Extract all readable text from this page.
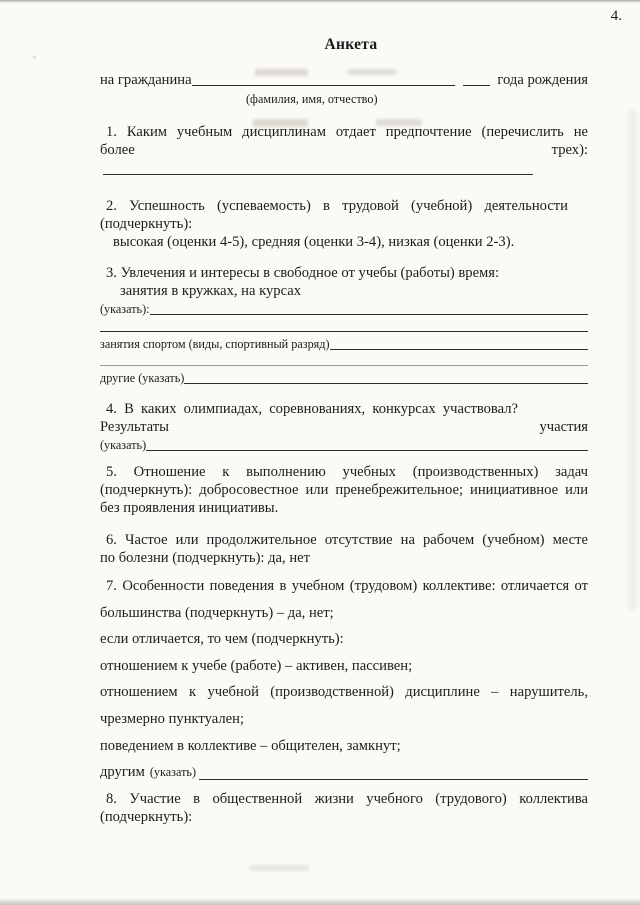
4.
Анкета
на гражданина	года рождения
(фамилия, имя, отчество)
1. Каким учебным дисциплинам отдает предпочтение (перечислить не
более	трех):
2. Успешность (успеваемость) в трудовой (учебной) деятельности
(подчеркнуть):
высокая (оценки 4-5), средняя (оценки 3-4), низкая (оценки 2-3).
3. Увлечения и интересы в свободное от учебы (работы) время:
занятия в кружках, на курсах
(указать):
занятия спортом (виды, спортивный разряд)
другие (указать)
4. В каких олимпиадах, соревнованиях, конкурсах участвовал?
Результаты	участия
(указать)
5. Отношение к выполнению учебных (производственных) задач
(подчеркнуть): добросовестное или пренебрежительное; инициативное или
без проявления инициативы.
6. Частое или продолжительное отсутствие на рабочем (учебном) месте
по болезни (подчеркнуть): да, нет
7. Особенности поведения в учебном (трудовом) коллективе: отличается от
большинства (подчеркнуть) – да, нет;
если отличается, то чем (подчеркнуть):
отношением к учебе (работе) – активен, пассивен;
отношением к учебной (производственной) дисциплине – нарушитель,
чрезмерно пунктуален;
поведением в коллективе – общителен, замкнут;
другим (указать)
8. Участие в общественной жизни учебного (трудового) коллектива
(подчеркнуть):
